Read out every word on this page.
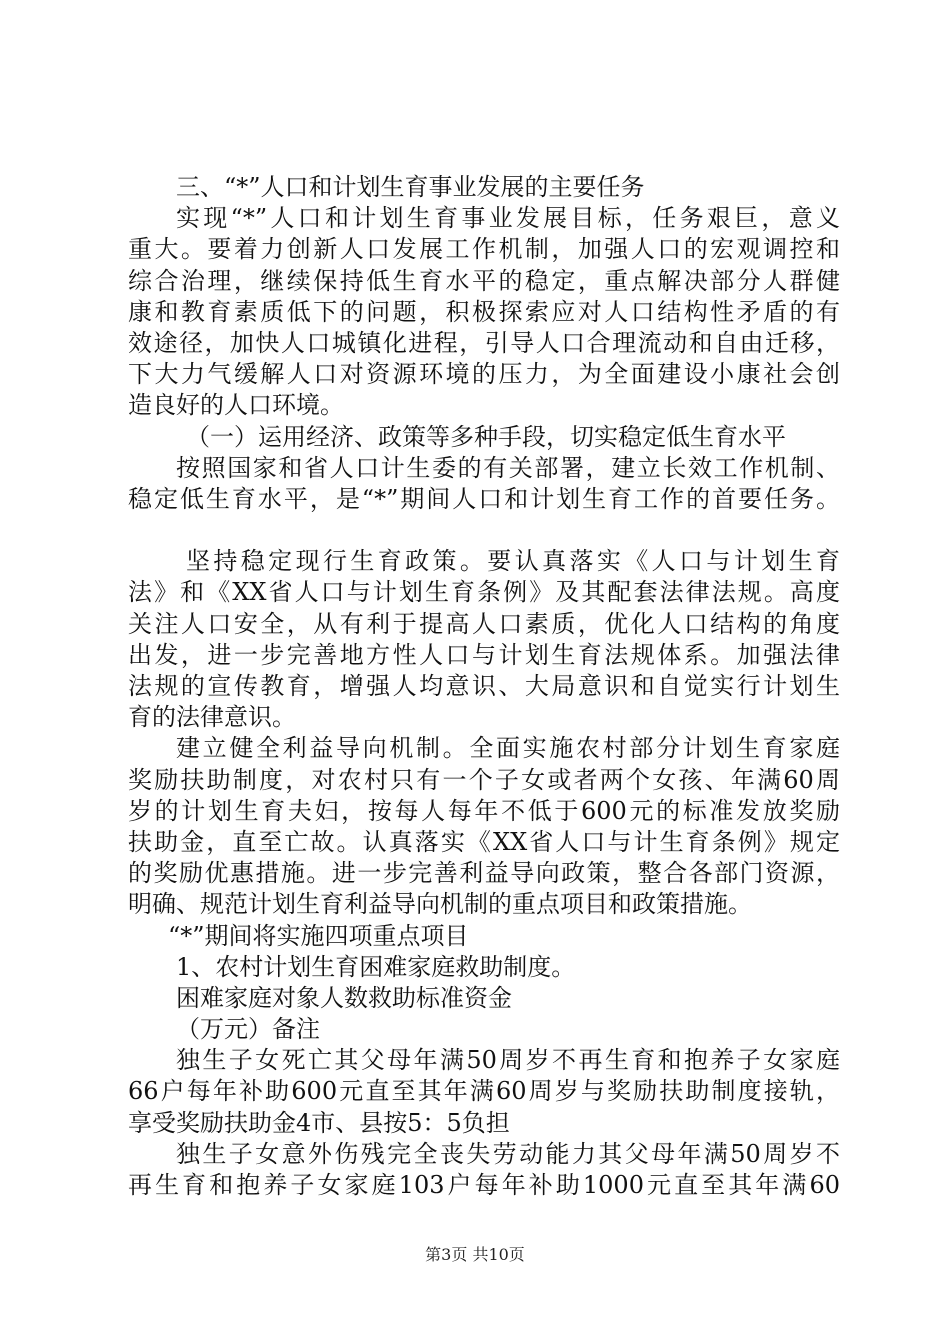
三、“*”人口和计划生育事业发展的主要任务
实现“*”人口和计划生育事业发展目标，任务艰巨，意义
重大。要着力创新人口发展工作机制，加强人口的宏观调控和
综合治理，继续保持低生育水平的稳定，重点解决部分人群健
康和教育素质低下的问题，积极探索应对人口结构性矛盾的有
效途径，加快人口城镇化进程，引导人口合理流动和自由迁移，
下大力气缓解人口对资源环境的压力，为全面建设小康社会创
造良好的人口环境。
（一）运用经济、政策等多种手段，切实稳定低生育水平
按照国家和省人口计生委的有关部署，建立长效工作机制、
稳定低生育水平，是“*”期间人口和计划生育工作的首要任务。
坚持稳定现行生育政策。要认真落实《人口与计划生育
法》和《XX省人口与计划生育条例》及其配套法律法规。高度
关注人口安全，从有利于提高人口素质，优化人口结构的角度
出发，进一步完善地方性人口与计划生育法规体系。加强法律
法规的宣传教育，增强人均意识、大局意识和自觉实行计划生
育的法律意识。
建立健全利益导向机制。全面实施农村部分计划生育家庭
奖励扶助制度，对农村只有一个子女或者两个女孩、年满60周
岁的计划生育夫妇，按每人每年不低于600元的标准发放奖励
扶助金，直至亡故。认真落实《XX省人口与计生育条例》规定
的奖励优惠措施。进一步完善利益导向政策，整合各部门资源，
明确、规范计划生育利益导向机制的重点项目和政策措施。
“*”期间将实施四项重点项目
1、农村计划生育困难家庭救助制度。
困难家庭对象人数救助标准资金
（万元）备注
独生子女死亡其父母年满50周岁不再生育和抱养子女家庭
66户每年补助600元直至其年满60周岁与奖励扶助制度接轨，
享受奖励扶助金4市、县按5：5负担
独生子女意外伤残完全丧失劳动能力其父母年满50周岁不
再生育和抱养子女家庭103户每年补助1000元直至其年满60
第3页 共10页
